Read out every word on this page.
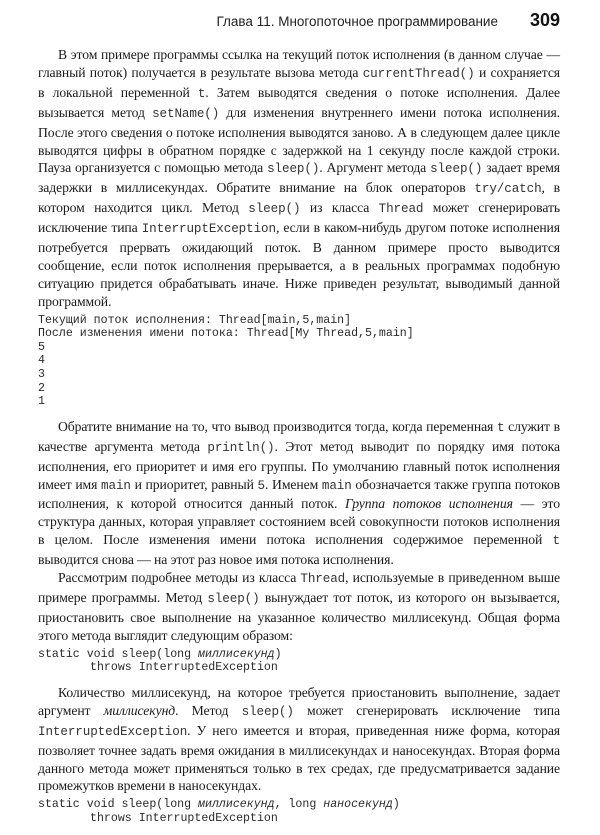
Глава 11. Многопоточное программирование 309

В этом примере программы ссылка на текущий поток исполнения (в данном случае — главный поток) получается в результате вызова метода currentThread() и сохраняется в локальной переменной t. Затем выводятся сведения о потоке исполнения. Далее вызывается метод setName() для изменения внутреннего имени потока исполнения. После этого сведения о потоке исполнения выводятся заново. А в следующем далее цикле выводятся цифры в обратном порядке с задержкой на 1 секунду после каждой строки. Пауза организуется с помощью метода sleep(). Аргумент метода sleep() задает время задержки в миллисекундах. Обратите внимание на блок операторов try/catch, в котором находится цикл. Метод sleep() из класса Thread может сгенерировать исключение типа InterruptException, если в каком-нибудь другом потоке исполнения потребуется прервать ожидающий поток. В данном примере просто выводится сообщение, если поток исполнения прерывается, а в реальных программах подобную ситуацию придется обрабатывать иначе. Ниже приведен результат, выводимый данной программой.

Текущий поток исполнения: Thread[main,5,main]
После изменения имени потока: Thread[My Thread,5,main]
5
4
3
2
1

Обратите внимание на то, что вывод производится тогда, когда переменная t служит в качестве аргумента метода println(). Этот метод выводит по порядку имя потока исполнения, его приоритет и имя его группы. По умолчанию главный поток исполнения имеет имя main и приоритет, равный 5. Именем main обозначается также группа потоков исполнения, к которой относится данный поток. Группа потоков исполнения — это структура данных, которая управляет состоянием всей совокупности потоков исполнения в целом. После изменения имени потока исполнения содержимое переменной t выводится снова — на этот раз новое имя потока исполнения.

Рассмотрим подробнее методы из класса Thread, используемые в приведенном выше примере программы. Метод sleep() вынуждает тот поток, из которого он вызывается, приостановить свое выполнение на указанное количество миллисекунд. Общая форма этого метода выглядит следующим образом:

static void sleep(long миллисекунд)
throws InterruptedException

Количество миллисекунд, на которое требуется приостановить выполнение, задает аргумент миллисекунд. Метод sleep() может сгенерировать исключение типа InterruptedException. У него имеется и вторая, приведенная ниже форма, которая позволяет точнее задать время ожидания в миллисекундах и наносекундах. Вторая форма данного метода может применяться только в тех средах, где предусматривается задание промежутков времени в наносекундах.

static void sleep(long миллисекунд, long наносекунд)
throws InterruptedException
